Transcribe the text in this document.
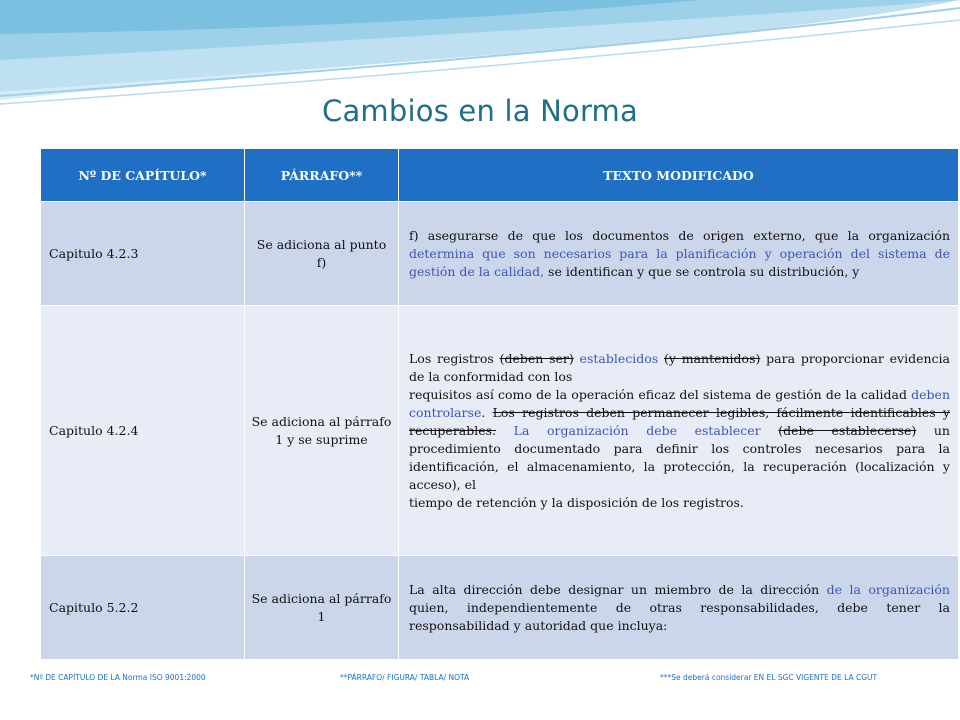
Cambios en la Norma
Nº DE CAPÍTULO*	PÁRRAFO**	TEXTO MODIFICADO
Capitulo 4.2.3	Se adiciona al punto f)	f) asegurarse de que los documentos de origen externo, que la organización determina que son necesarios para la planificación y operación del sistema de gestión de la calidad, se identifican y que se controla su distribución, y
Capitulo 4.2.4	Se adiciona al párrafo 1 y se suprime	Los registros (deben ser) establecidos (y mantenidos) para proporcionar evidencia de la conformidad con los
requisitos así como de la operación eficaz del sistema de gestión de la calidad deben controlarse. Los registros deben permanecer legibles, fácilmente identificables y recuperables. La organización debe establecer (debe establecerse) un procedimiento documentado para definir los controles necesarios para la identificación, el almacenamiento, la protección, la recuperación (localización y acceso), el
tiempo de retención y la disposición de los registros.
Capitulo 5.2.2	Se adiciona al párrafo 1	La alta dirección debe designar un miembro de la dirección de la organización quien, independientemente de otras responsabilidades, debe tener la responsabilidad y autoridad que incluya:
*Nº DE CAPÍTULO DE LA Norma ISO 9001:2000	**PÁRRAFO/ FIGURA/ TABLA/ NOTA	***Se deberá considerar EN EL SGC VIGENTE DE LA CGUT
